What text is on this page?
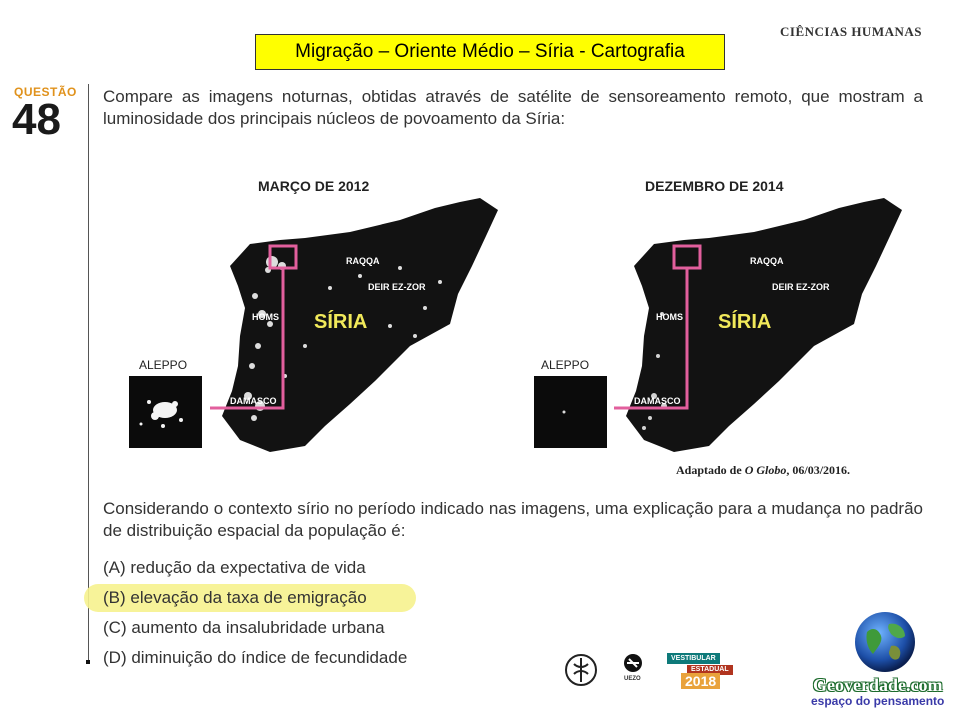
Migração – Oriente Médio – Síria - Cartografia
CIÊNCIAS HUMANAS
QUESTÃO
48 Compare as imagens noturnas, obtidas através de satélite de sensoreamento remoto, que mostram a luminosidade dos principais núcleos de povoamento da Síria:
MARÇO DE 2012	DEZEMBRO DE 2014
SÍRIA
RAQQA
DEIR EZ-ZOR
HOMS
DAMASCO
SÍRIA
RAQQA
DEIR EZ-ZOR
HOMS
DAMASCO
ALEPPO	ALEPPO
Adaptado de O Globo, 06/03/2016.
Considerando o contexto sírio no período indicado nas imagens, uma explicação para a mudança no padrão de distribuição espacial da população é:
(A) redução da expectativa de vida
(B) elevação da taxa de emigração
(C) aumento da insalubridade urbana
(D) diminuição do índice de fecundidade
UEZO
VESTIBULAR
ESTADUAL
2018	Geoverdade.com
espaço do pensamento
